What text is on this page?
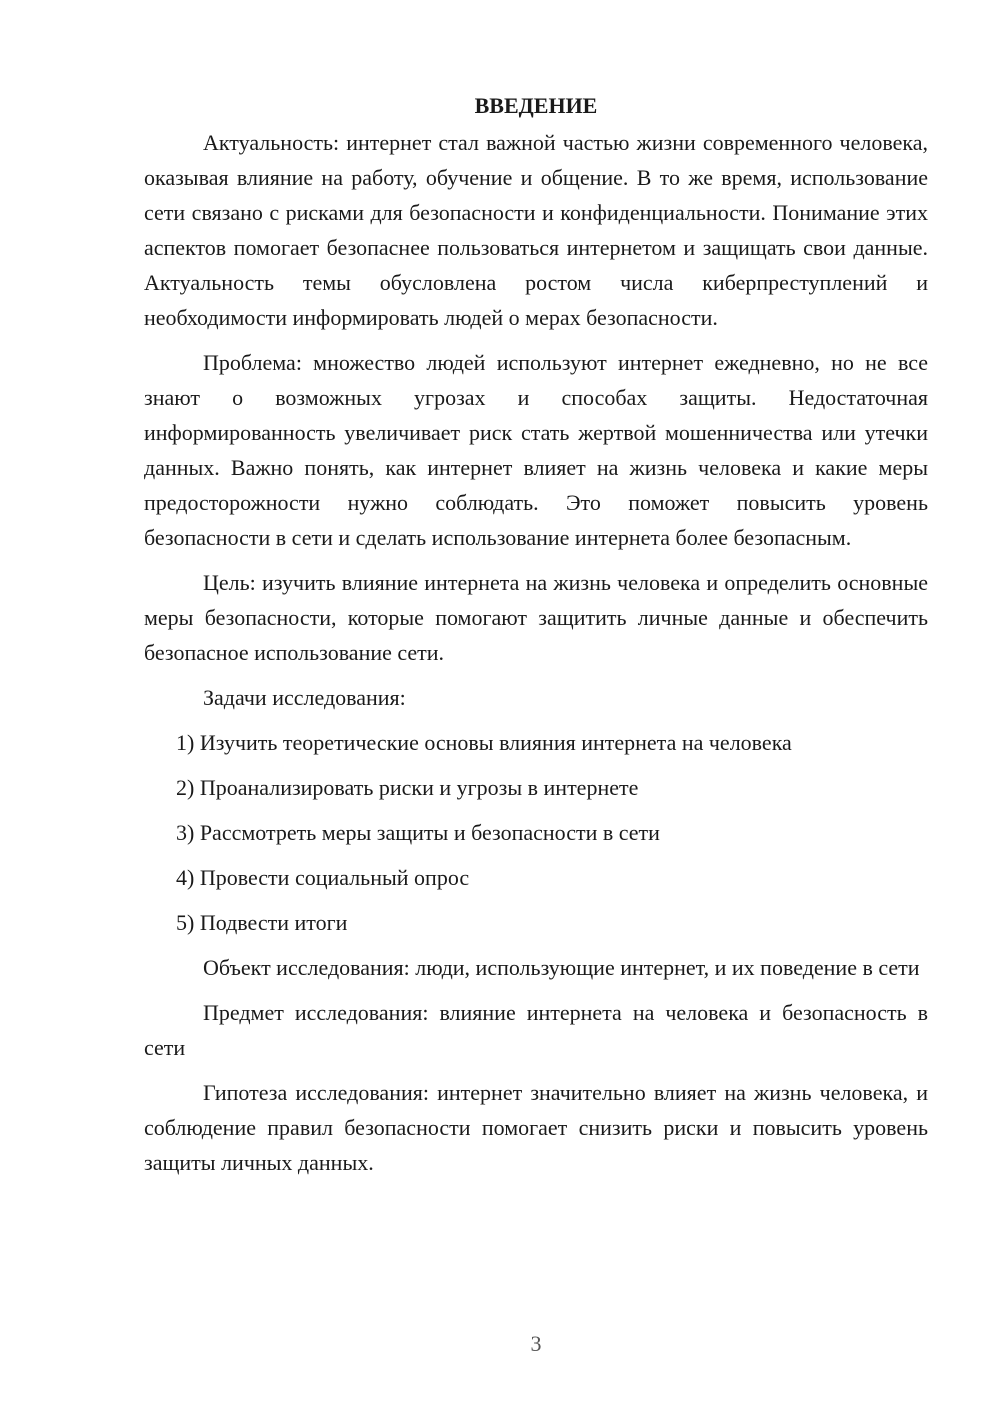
ВВЕДЕНИЕ

Актуальность: интернет стал важной частью жизни современного человека, оказывая влияние на работу, обучение и общение. В то же время, использование сети связано с рисками для безопасности и конфиденциальности. Понимание этих аспектов помогает безопаснее пользоваться интернетом и защищать свои данные. Актуальность темы обусловлена ростом числа киберпреступлений и необходимости информировать людей о мерах безопасности.

Проблема: множество людей используют интернет ежедневно, но не все знают о возможных угрозах и способах защиты. Недостаточная информированность увеличивает риск стать жертвой мошенничества или утечки данных. Важно понять, как интернет влияет на жизнь человека и какие меры предосторожности нужно соблюдать. Это поможет повысить уровень безопасности в сети и сделать использование интернета более безопасным.

Цель: изучить влияние интернета на жизнь человека и определить основные меры безопасности, которые помогают защитить личные данные и обеспечить безопасное использование сети.

Задачи исследования:

1) Изучить теоретические основы влияния интернета на человека
2) Проанализировать риски и угрозы в интернете
3) Рассмотреть меры защиты и безопасности в сети
4) Провести социальный опрос
5) Подвести итоги

Объект исследования: люди, использующие интернет, и их поведение в сети

Предмет исследования: влияние интернета на человека и безопасность в сети

Гипотеза исследования: интернет значительно влияет на жизнь человека, и соблюдение правил безопасности помогает снизить риски и повысить уровень защиты личных данных.

3
